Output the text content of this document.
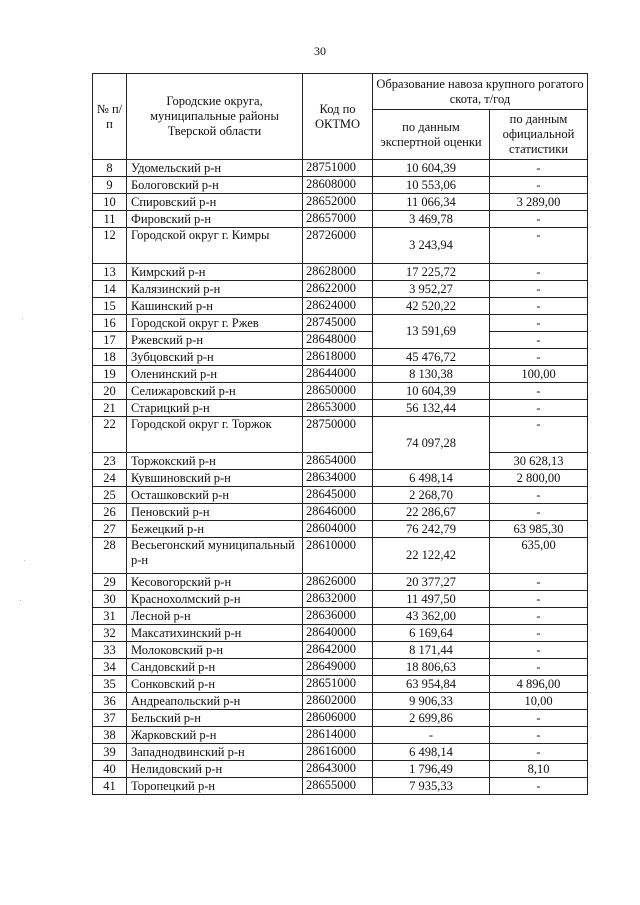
30
№ п/п	Городские округа, муниципальные районы Тверской области	Код по ОКТМО	Образование навоза крупного рогатого скота, т/год	
			по данным экспертной оценки	по данным официальной статистики
8	Удомельский р-н	28751000	10 604,39	-
9	Бологовский р-н	28608000	10 553,06	-
10	Спировский р-н	28652000	11 066,34	3 289,00
11	Фировский р-н	28657000	3 469,78	-
12	Городской округ г. Кимры	28726000	3 243,94	-
13	Кимрский р-н	28628000	17 225,72	-
14	Калязинский р-н	28622000	3 952,27	-
15	Кашинский р-н	28624000	42 520,22	-
16	Городской округ г. Ржев	28745000	13 591,69	-
17	Ржевский р-н	28648000		-
18	Зубцовский р-н	28618000	45 476,72	-
19	Оленинский р-н	28644000	8 130,38	100,00
20	Селижаровский р-н	28650000	10 604,39	-
21	Старицкий р-н	28653000	56 132,44	-
22	Городской округ г. Торжок	28750000	74 097,28	-
23	Торжокский р-н	28654000		30 628,13
24	Кувшиновский р-н	28634000	6 498,14	2 800,00
25	Осташковский р-н	28645000	2 268,70	-
26	Пеновский р-н	28646000	22 286,67	-
27	Бежецкий р-н	28604000	76 242,79	63 985,30
28	Весьегонский муниципальный р-н	28610000	22 122,42	635,00
29	Кесовогорский р-н	28626000	20 377,27	-
30	Краснохолмский р-н	28632000	11 497,50	-
31	Лесной р-н	28636000	43 362,00	-
32	Максатихинский р-н	28640000	6 169,64	-
33	Молоковский р-н	28642000	8 171,44	-
34	Сандовский р-н	28649000	18 806,63	-
35	Сонковский р-н	28651000	63 954,84	4 896,00
36	Андреапольский р-н	28602000	9 906,33	10,00
37	Бельский р-н	28606000	2 699,86	-
38	Жарковский р-н	28614000	-	-
39	Западнодвинский р-н	28616000	6 498,14	-
40	Нелидовский р-н	28643000	1 796,49	8,10
41	Торопецкий р-н	28655000	7 935,33	-
